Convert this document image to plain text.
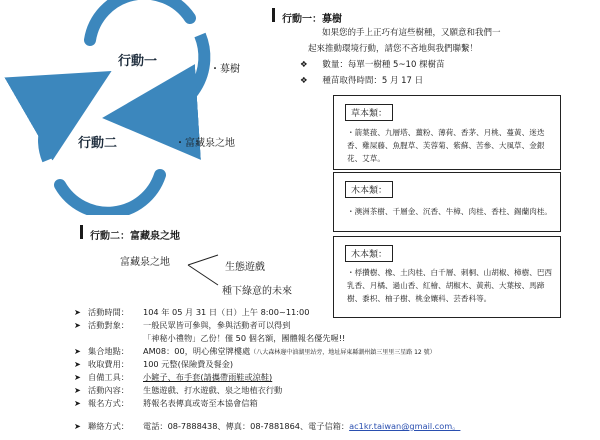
行動一
行動二
・募樹
・富藏泉之地
行動一：募樹
如果您的手上正巧有這些樹種，又願意和我們一
起來推動環境行動，請您不吝地與我們聯繫！
❖ 數量：每單一樹種 5~10 棵樹苗
❖ 種苗取得時間：5 月 17 日
草本類：
・箭葉菝、九層塔、薑粉、薄荷、香茅、月桃、蔓黃、迷迭香、雞屎藤、魚腥草、芙蓉菊、紫蘇、苦參、大風草、金銀花、艾草。
木本類：
・澳洲茶樹、千層金、沉香、牛樟、肉桂、香柱、錫蘭肉桂。
木本類：
・桴攢樹、橡、土肉桂、白千層、刺桐、山胡椒、樟樹、巴西乳香、月橘、過山香、紅檜、胡椒木、黃荊、大葉桉、馬蹄樹、黍枳、柚子樹、桃金孃科、芸香科等。
行動二：富藏泉之地
富藏泉之地	生態遊戲
種下綠意的未來
➤ 活動時間： 104 年 05 月 31 日（日）上午 8:00~11:00
➤ 活動對象： 一般民眾皆可參與，參與活動者可以得到
「神秘小禮物」乙份！僅 50 個名額，團體報名優先喔!!
➤ 集合地點： AM08：00，明心佛堂牌樓處（八大森林邊中油湖里站旁，地址屏東縣潮州鎮三里里三星路 12 號）
➤ 收取費用： 100 元整(保險費及餐金)
➤ 自備工具： 小鏟子、布手套(請攜帶雨鞋或涼鞋)
➤ 活動內容： 生態遊戲、打水遊戲、泉之地植衣行動
➤ 報名方式： 將報名表傳真或寄至本協會信箱
➤ 聯絡方式： 電話：08-7888438、傳真：08-7881864、電子信箱：ac1kr.taiwan@gmail.com。
